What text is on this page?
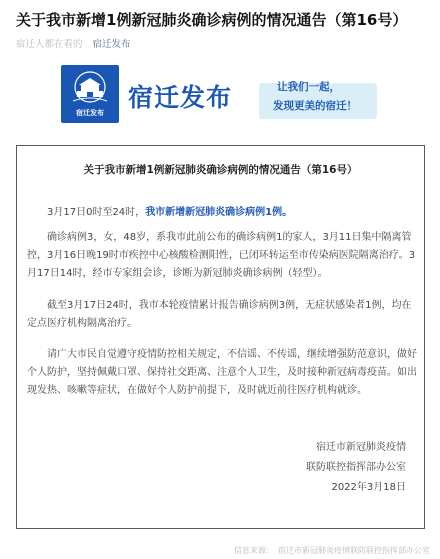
关于我市新增1例新冠肺炎确诊病例的情况通告（第16号）
宿迁人都在看的 宿迁发布
宿迁发布
宿迁发布	让我们一起，
发现更美的宿迁！
关于我市新增1例新冠肺炎确诊病例的情况通告（第16号）
3月17日0时至24时，我市新增新冠肺炎确诊病例1例。
确诊病例3，女，48岁，系我市此前公布的确诊病例1的家人，3月11日集中隔离管控，3月16日晚19时市疾控中心核酸检测阳性，已闭环转运至市传染病医院隔离治疗。3月17日14时，经市专家组会诊，诊断为新冠肺炎确诊病例（轻型）。
截至3月17日24时，我市本轮疫情累计报告确诊病例3例，无症状感染者1例，均在定点医疗机构隔离治疗。
请广大市民自觉遵守疫情防控相关规定，不信谣、不传谣，继续增强防范意识，做好个人防护，坚持佩戴口罩、保持社交距离、注意个人卫生，及时接种新冠病毒疫苗。如出现发热、咳嗽等症状，在做好个人防护前提下，及时就近前往医疗机构就诊。
宿迁市新冠肺炎疫情
联防联控指挥部办公室
2022年3月18日
信息来源：　宿迁市新冠肺炎疫情联防联控指挥部办公室
